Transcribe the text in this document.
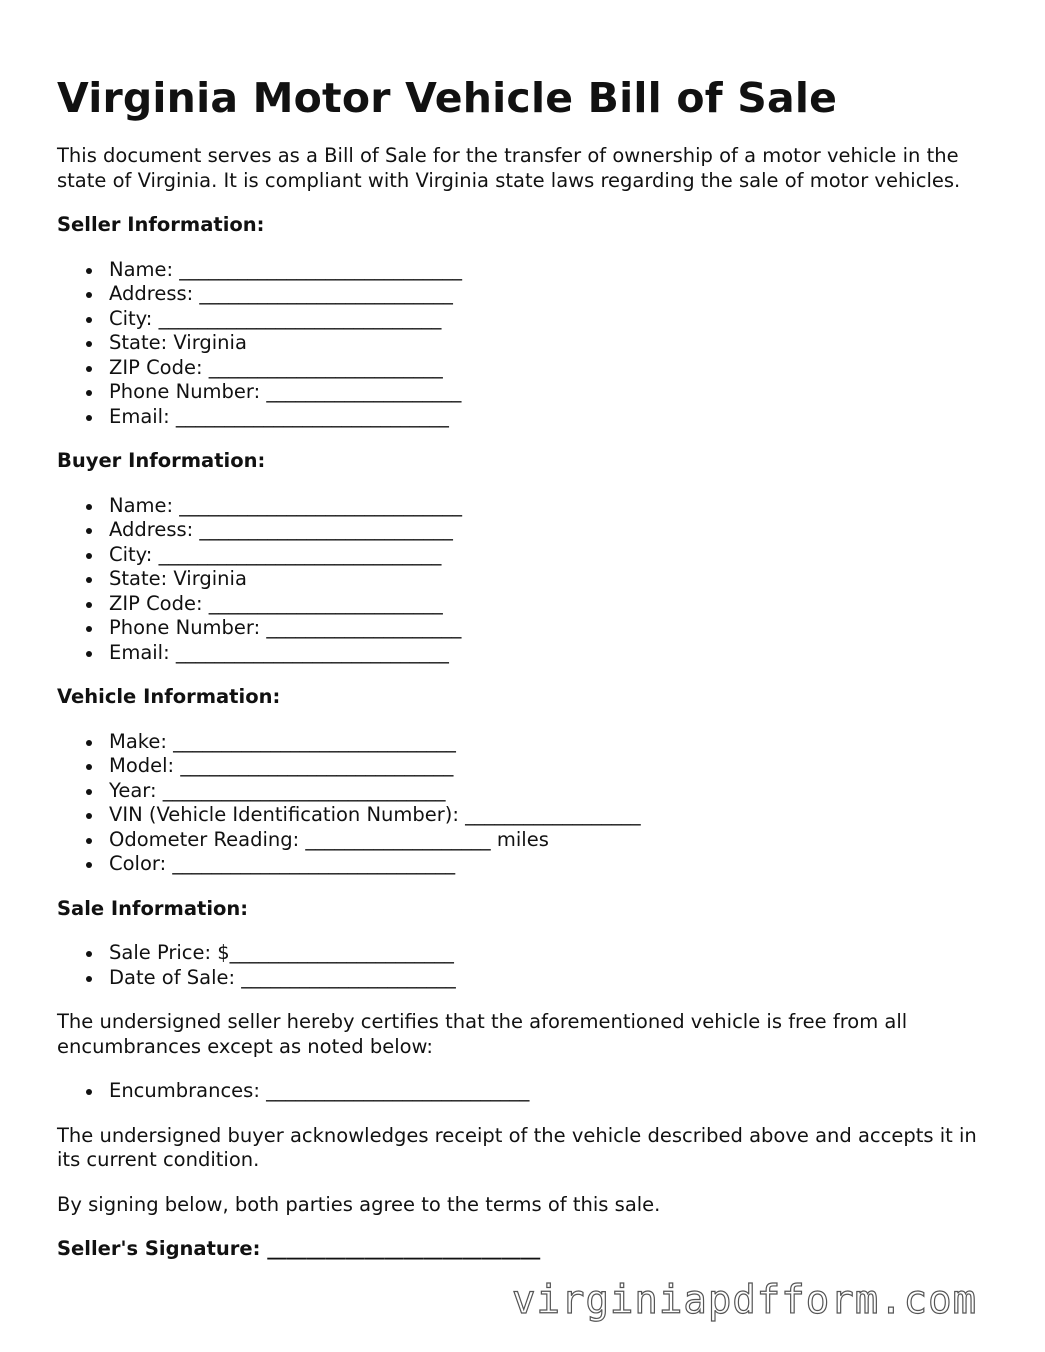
Virginia Motor Vehicle Bill of Sale

This document serves as a Bill of Sale for the transfer of ownership of a motor vehicle in the state of Virginia. It is compliant with Virginia state laws regarding the sale of motor vehicles.

Seller Information:
Name: _____________________________
Address: __________________________
City: _____________________________
State: Virginia
ZIP Code: ________________________
Phone Number: ____________________
Email: ____________________________
Buyer Information:
Name: _____________________________
Address: __________________________
City: _____________________________
State: Virginia
ZIP Code: ________________________
Phone Number: ____________________
Email: ____________________________
Vehicle Information:
Make: _____________________________
Model: ____________________________
Year: _____________________________
VIN (Vehicle Identification Number): __________________
Odometer Reading: ___________________ miles
Color: _____________________________
Sale Information:
Sale Price: $_______________________
Date of Sale: ______________________

The undersigned seller hereby certifies that the aforementioned vehicle is free from all encumbrances except as noted below:

Encumbrances: ___________________________

The undersigned buyer acknowledges receipt of the vehicle described above and accepts it in its current condition.

By signing below, both parties agree to the terms of this sale.

Seller's Signature: ____________________________
virginiapdfform.com
